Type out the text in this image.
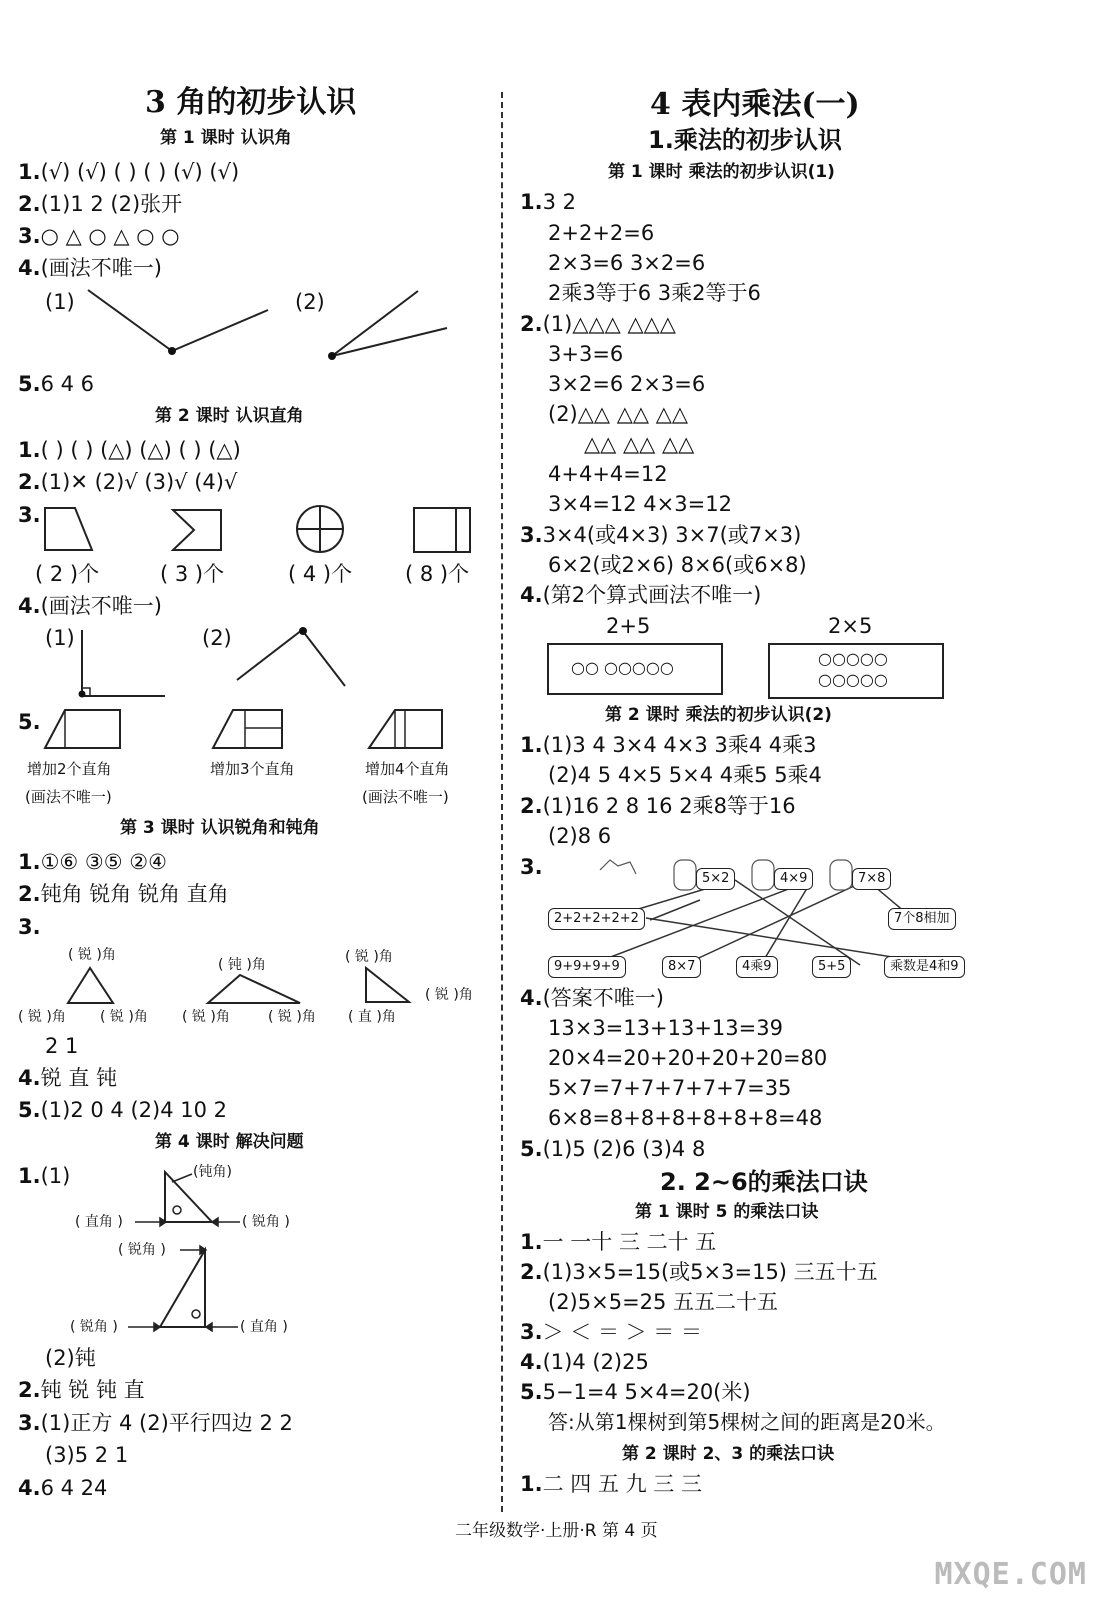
3 角的初步认识
第 1 课时 认识角
1.(√) (√) ( ) ( ) (√) (√)
2.(1)1 2 (2)张开
3.○ △ ○ △ ○ ○
4.(画法不唯一)
(1)	(2)
5.6 4 6
第 2 课时 认识直角
1.( ) ( ) (△) (△) ( ) (△)
2.(1)✕ (2)√ (3)√ (4)√
3.
( 2 )个	( 3 )个	( 4 )个	( 8 )个
4.(画法不唯一)
(1)	(2)
5.
增加2个直角	增加3个直角	增加4个直角
(画法不唯一)	(画法不唯一)
第 3 课时 认识锐角和钝角
1.①⑥ ③⑤ ②④
2.钝角 锐角 锐角 直角
3.
( 锐 )角
( 锐 )角 ( 锐 )角
( 钝 )角
( 锐 )角	( 锐 )角
( 锐 )角
( 锐 )角
( 直 )角
2 1
4.锐 直 钝
5.(1)2 0 4 (2)4 10 2
第 4 课时 解决问题
1.(1)	(钝角)
( 直角 )	( 锐角 )
( 锐角 )
( 锐角 )	( 直角 )
(2)钝
2.钝 锐 钝 直
3.(1)正方 4 (2)平行四边 2 2
(3)5 2 1
4.6 4 24
4 表内乘法(一)
1.乘法的初步认识
第 1 课时 乘法的初步认识(1)
1.3 2
2+2+2=6
2×3=6 3×2=6
2乘3等于6 3乘2等于6
2.(1)△△△ △△△
3+3=6
3×2=6 2×3=6
(2)△△ △△ △△
△△ △△ △△
4+4+4=12
3×4=12 4×3=12
3.3×4(或4×3) 3×7(或7×3)
6×2(或2×6) 8×6(或6×8)
4.(第2个算式画法不唯一)
2+5	2×5
○○ ○○○○○	○○○○○
○○○○○
第 2 课时 乘法的初步认识(2)
1.(1)3 4 3×4 4×3 3乘4 4乘3
(2)4 5 4×5 5×4 4乘5 5乘4
2.(1)16 2 8 16 2乘8等于16
(2)8 6
3.	5×2	4×9	7×8
2+2+2+2+2	7个8相加
9+9+9+9	8×7	4乘9	5+5	乘数是4和9
4.(答案不唯一)
13×3=13+13+13=39
20×4=20+20+20+20=80
5×7=7+7+7+7+7=35
6×8=8+8+8+8+8+8=48
5.(1)5 (2)6 (3)4 8
2. 2~6的乘法口诀
第 1 课时 5 的乘法口诀
1.一 一十 三 二十 五
2.(1)3×5=15(或5×3=15) 三五十五
(2)5×5=25 五五二十五
3.＞ ＜ ＝ ＞ ＝ ＝
4.(1)4 (2)25
5.5−1=4 5×4=20(米)
答:从第1棵树到第5棵树之间的距离是20米。
第 2 课时 2、3 的乘法口诀
1.二 四 五 九 三 三
二年级数学·上册·R 第 4 页
MXQE.COM
